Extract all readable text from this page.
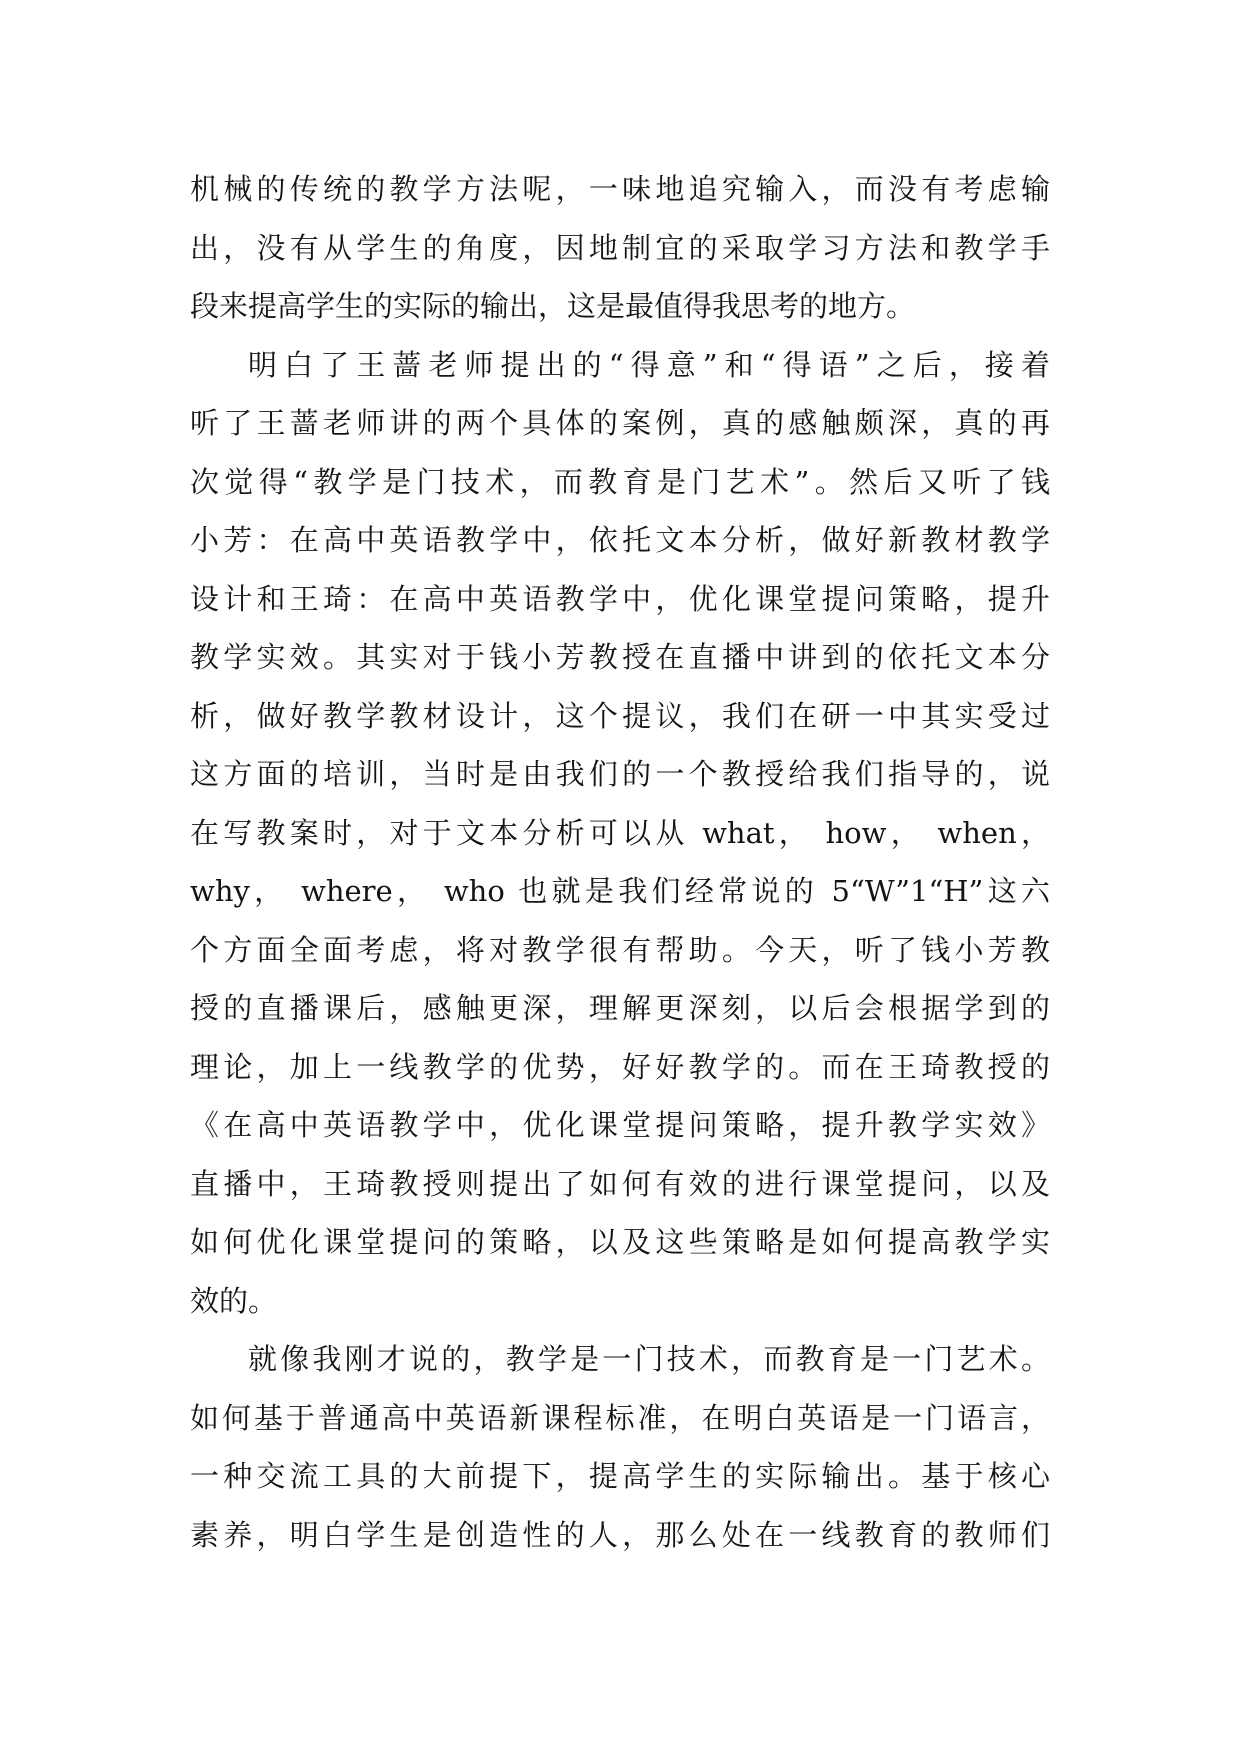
机械的传统的教学方法呢，一味地追究输入，而没有考虑输
出，没有从学生的角度，因地制宜的采取学习方法和教学手
段来提高学生的实际的输出，这是最值得我思考的地方。
明白了王蔷老师提出的“得意”和“得语”之后，接着
听了王蔷老师讲的两个具体的案例，真的感触颇深，真的再
次觉得“教学是门技术，而教育是门艺术”。然后又听了钱
小芳：在高中英语教学中，依托文本分析，做好新教材教学
设计和王琦：在高中英语教学中，优化课堂提问策略，提升
教学实效。其实对于钱小芳教授在直播中讲到的依托文本分
析，做好教学教材设计，这个提议，我们在研一中其实受过
这方面的培训，当时是由我们的一个教授给我们指导的，说
在写教案时，对于文本分析可以从 what， how， when，
why， where， who 也就是我们经常说的 5“W”1“H”这六
个方面全面考虑，将对教学很有帮助。今天，听了钱小芳教
授的直播课后，感触更深，理解更深刻，以后会根据学到的
理论，加上一线教学的优势，好好教学的。而在王琦教授的
《在高中英语教学中，优化课堂提问策略，提升教学实效》
直播中，王琦教授则提出了如何有效的进行课堂提问，以及
如何优化课堂提问的策略，以及这些策略是如何提高教学实
效的。
就像我刚才说的，教学是一门技术，而教育是一门艺术。
如何基于普通高中英语新课程标准，在明白英语是一门语言，
一种交流工具的大前提下，提高学生的实际输出。基于核心
素养，明白学生是创造性的人，那么处在一线教育的教师们
